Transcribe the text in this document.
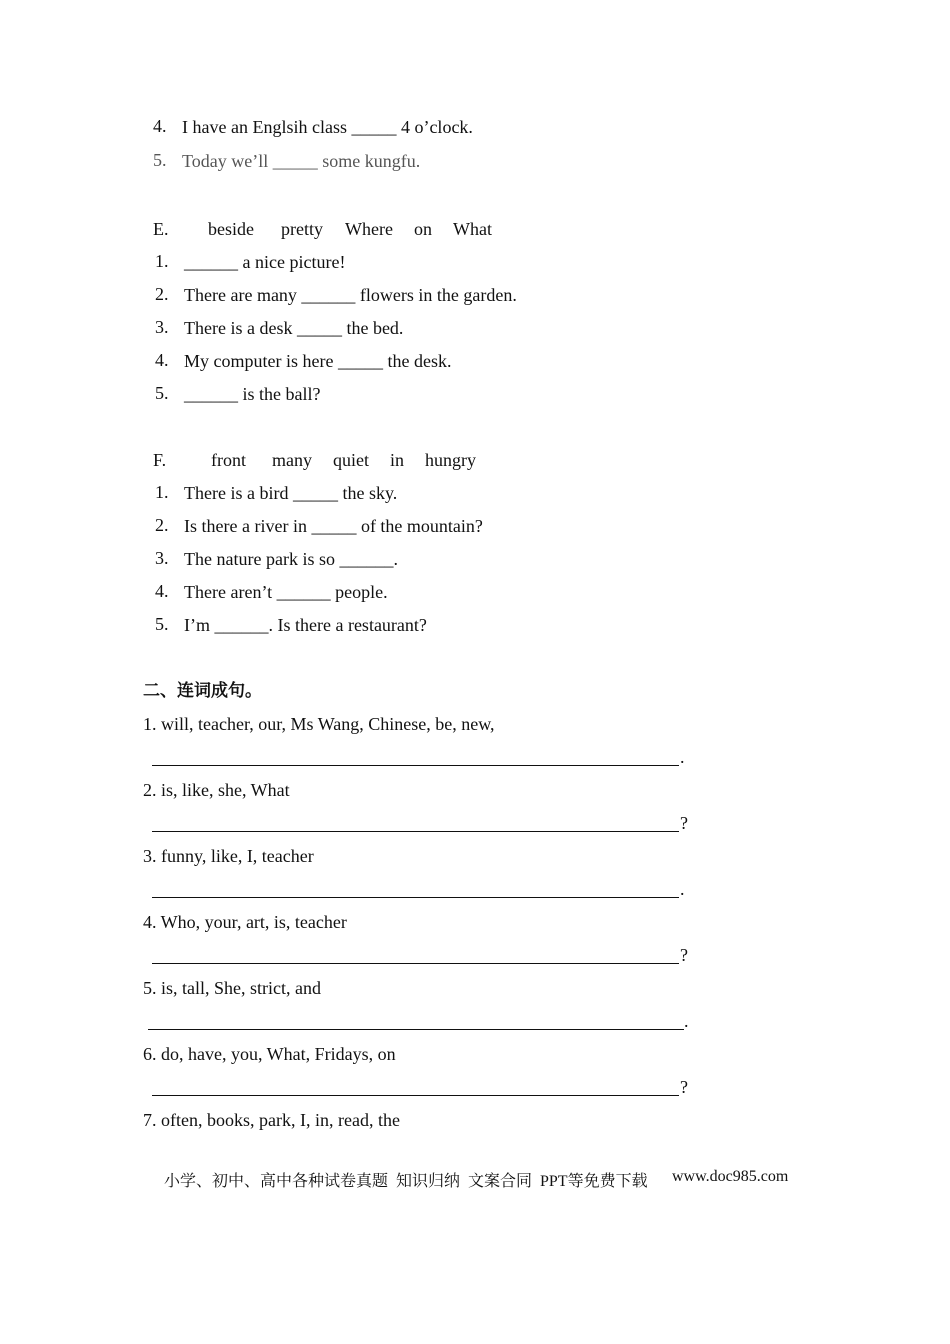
4. I have an Englsih class _____ 4 o’clock.
5. Today we’ll _____ some kungfu.
E. beside pretty Where on What
1. ______ a nice picture!
2. There are many ______ flowers in the garden.
3. There is a desk _____ the bed.
4. My computer is here _____ the desk.
5. ______ is the ball?
F. front many quiet in hungry
1. There is a bird _____ the sky.
2. Is there a river in _____ of the mountain?
3. The nature park is so ______.
4. There aren’t ______ people.
5. I’m ______. Is there a restaurant?
二、连词成句。
1. will, teacher, our, Ms Wang, Chinese, be, new,
.
2. is, like, she, What
?
3. funny, like, I, teacher
.
4. Who, your, art, is, teacher
?
5. is, tall, She, strict, and
.
6. do, have, you, What, Fridays, on
?
7. often, books, park, I, in, read, the
小学、初中、高中各种试卷真题  知识归纳  文案合同  PPT等免费下载 www.doc985.com
